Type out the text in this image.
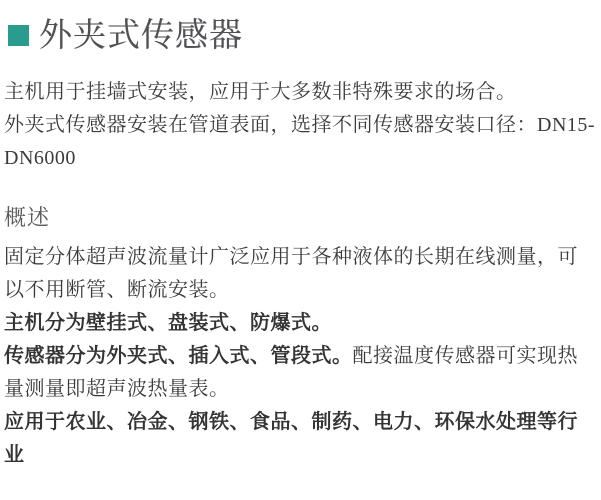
外夹式传感器

主机用于挂墙式安装，应用于大多数非特殊要求的场合。

外夹式传感器安装在管道表面，选择不同传感器安装口径：DN15-DN6000

概述

固定分体超声波流量计广泛应用于各种液体的长期在线测量，可以不用断管、断流安装。

主机分为壁挂式、盘装式、防爆式。

传感器分为外夹式、插入式、管段式。配接温度传感器可实现热量测量即超声波热量表。

应用于农业、冶金、钢铁、食品、制药、电力、环保水处理等行业
